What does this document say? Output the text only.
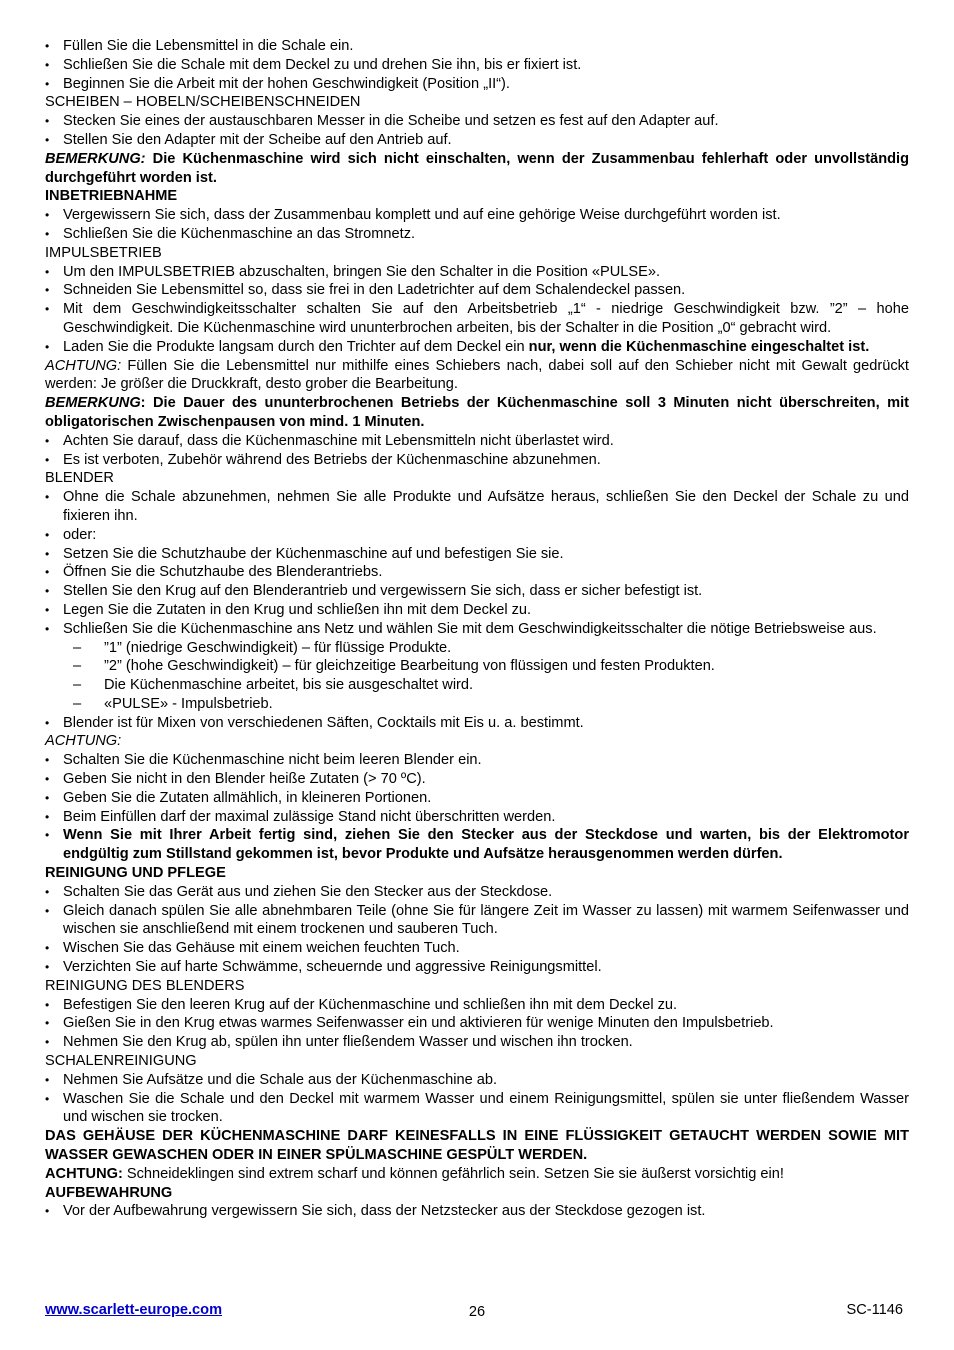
• Füllen Sie die Lebensmittel in die Schale ein.
• Schließen Sie die Schale mit dem Deckel zu und drehen Sie ihn, bis er fixiert ist.
• Beginnen Sie die Arbeit mit der hohen Geschwindigkeit (Position „II“).
SCHEIBEN – HOBELN/SCHEIBENSCHNEIDEN
• Stecken Sie eines der austauschbaren Messer in die Scheibe und setzen es fest auf den Adapter auf.
• Stellen Sie den Adapter mit der Scheibe auf den Antrieb auf.
BEMERKUNG: Die Küchenmaschine wird sich nicht einschalten, wenn der Zusammenbau fehlerhaft oder unvollständig durchgeführt worden ist.
INBETRIEBNAHME
• Vergewissern Sie sich, dass der Zusammenbau komplett und auf eine gehörige Weise durchgeführt worden ist.
• Schließen Sie die Küchenmaschine an das Stromnetz.
IMPULSBETRIEB
• Um den IMPULSBETRIEB abzuschalten, bringen Sie den Schalter in die Position «PULSE».
• Schneiden Sie Lebensmittel so, dass sie frei in den Ladetrichter auf dem Schalendeckel passen.
• Mit dem Geschwindigkeitsschalter schalten Sie auf den Arbeitsbetrieb „1“ - niedrige Geschwindigkeit bzw. ”2” – hohe Geschwindigkeit. Die Küchenmaschine wird ununterbrochen arbeiten, bis der Schalter in die Position „0“ gebracht wird.
• Laden Sie die Produkte langsam durch den Trichter auf dem Deckel ein nur, wenn die Küchenmaschine eingeschaltet ist.
ACHTUNG: Füllen Sie die Lebensmittel nur mithilfe eines Schiebers nach, dabei soll auf den Schieber nicht mit Gewalt gedrückt werden: Je größer die Druckkraft, desto grober die Bearbeitung.
BEMERKUNG: Die Dauer des ununterbrochenen Betriebs der Küchenmaschine soll 3 Minuten nicht überschreiten, mit obligatorischen Zwischenpausen von mind. 1 Minuten.
• Achten Sie darauf, dass die Küchenmaschine mit Lebensmitteln nicht überlastet wird.
• Es ist verboten, Zubehör während des Betriebs der Küchenmaschine abzunehmen.
BLENDER
• Ohne die Schale abzunehmen, nehmen Sie alle Produkte und Aufsätze heraus, schließen Sie den Deckel der Schale zu und fixieren ihn.
• oder:
• Setzen Sie die Schutzhaube der Küchenmaschine auf und befestigen Sie sie.
• Öffnen Sie die Schutzhaube des Blenderantriebs.
• Stellen Sie den Krug auf den Blenderantrieb und vergewissern Sie sich, dass er sicher befestigt ist.
• Legen Sie die Zutaten in den Krug und schließen ihn mit dem Deckel zu.
• Schließen Sie die Küchenmaschine ans Netz und wählen Sie mit dem Geschwindigkeitsschalter die nötige Betriebsweise aus.
–	”1” (niedrige Geschwindigkeit) – für flüssige Produkte.
–	”2” (hohe Geschwindigkeit) – für gleichzeitige Bearbeitung von flüssigen und festen Produkten.
–	Die Küchenmaschine arbeitet, bis sie ausgeschaltet wird.
–	«PULSE» - Impulsbetrieb.
• Blender ist für Mixen von verschiedenen Säften, Cocktails mit Eis u. a. bestimmt.
ACHTUNG:
• Schalten Sie die Küchenmaschine nicht beim leeren Blender ein.
• Geben Sie nicht in den Blender heiße Zutaten (> 70 ºC).
• Geben Sie die Zutaten allmählich, in kleineren Portionen.
• Beim Einfüllen darf der maximal zulässige Stand nicht überschritten werden.
• Wenn Sie mit Ihrer Arbeit fertig sind, ziehen Sie den Stecker aus der Steckdose und warten, bis der Elektromotor endgültig zum Stillstand gekommen ist, bevor Produkte und Aufsätze herausgenommen werden dürfen.
REINIGUNG UND PFLEGE
• Schalten Sie das Gerät aus und ziehen Sie den Stecker aus der Steckdose.
• Gleich danach spülen Sie alle abnehmbaren Teile (ohne Sie für längere Zeit im Wasser zu lassen) mit warmem Seifenwasser und wischen sie anschließend mit einem trockenen und sauberen Tuch.
• Wischen Sie das Gehäuse mit einem weichen feuchten Tuch.
• Verzichten Sie auf harte Schwämme, scheuernde und aggressive Reinigungsmittel.
REINIGUNG DES BLENDERS
• Befestigen Sie den leeren Krug auf der Küchenmaschine und schließen ihn mit dem Deckel zu.
• Gießen Sie in den Krug etwas warmes Seifenwasser ein und aktivieren für wenige Minuten den Impulsbetrieb.
• Nehmen Sie den Krug ab, spülen ihn unter fließendem Wasser und wischen ihn trocken.
SCHALENREINIGUNG
• Nehmen Sie Aufsätze und die Schale aus der Küchenmaschine ab.
• Waschen Sie die Schale und den Deckel mit warmem Wasser und einem Reinigungsmittel, spülen sie unter fließendem Wasser und wischen sie trocken.
DAS GEHÄUSE DER KÜCHENMASCHINE DARF KEINESFALLS IN EINE FLÜSSIGKEIT GETAUCHT WERDEN SOWIE MIT WASSER GEWASCHEN ODER IN EINER SPÜLMASCHINE GESPÜLT WERDEN.
ACHTUNG: Schneideklingen sind extrem scharf und können gefährlich sein. Setzen Sie sie äußerst vorsichtig ein!
AUFBEWAHRUNG
• Vor der Aufbewahrung vergewissern Sie sich, dass der Netzstecker aus der Steckdose gezogen ist.
www.scarlett-europe.com	26	SC-1146
